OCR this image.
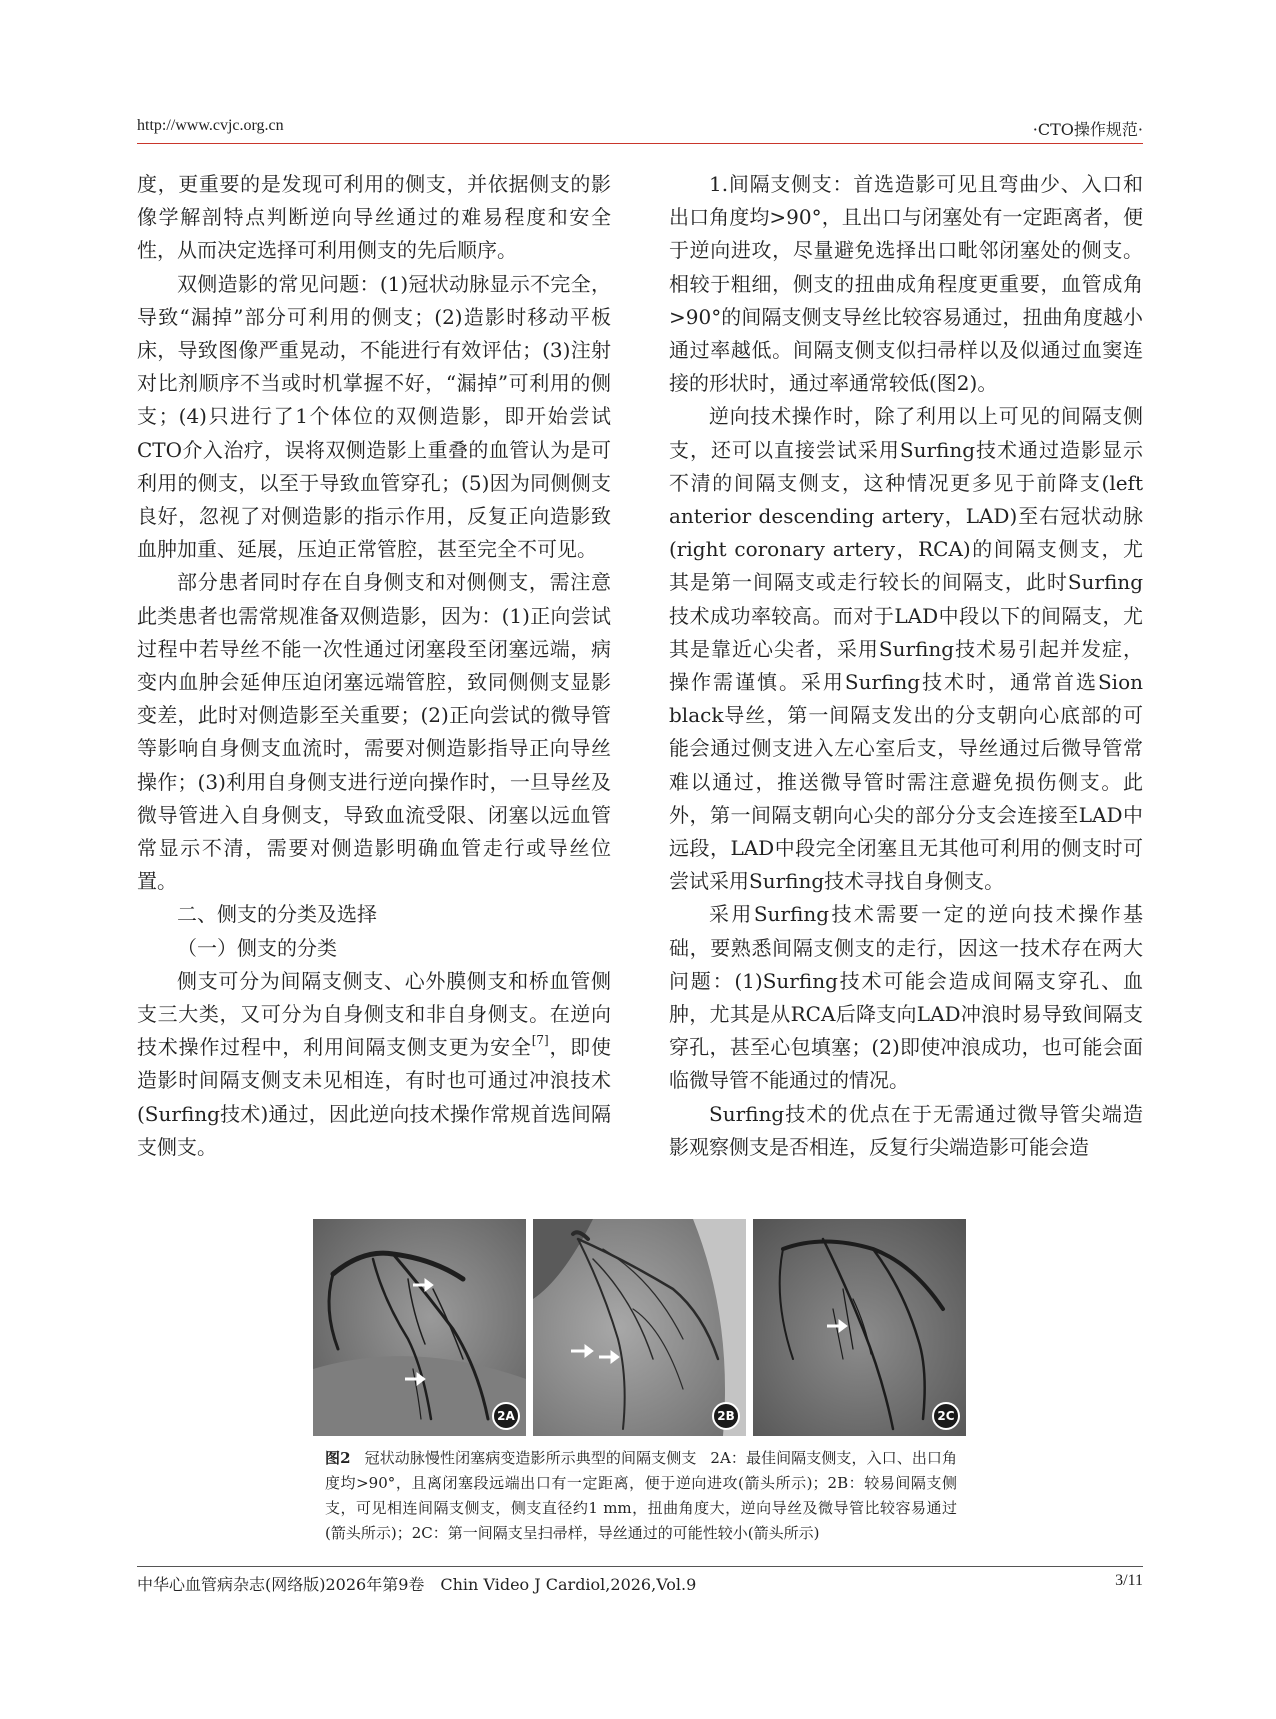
http://www.cvjc.org.cn	·CTO操作规范·

度，更重要的是发现可利用的侧支，并依据侧支的影像学解剖特点判断逆向导丝通过的难易程度和安全性，从而决定选择可利用侧支的先后顺序。

双侧造影的常见问题：(1)冠状动脉显示不完全，导致“漏掉”部分可利用的侧支；(2)造影时移动平板床，导致图像严重晃动，不能进行有效评估；(3)注射对比剂顺序不当或时机掌握不好，“漏掉”可利用的侧支；(4)只进行了1个体位的双侧造影，即开始尝试CTO介入治疗，误将双侧造影上重叠的血管认为是可利用的侧支，以至于导致血管穿孔；(5)因为同侧侧支良好，忽视了对侧造影的指示作用，反复正向造影致血肿加重、延展，压迫正常管腔，甚至完全不可见。

部分患者同时存在自身侧支和对侧侧支，需注意此类患者也需常规准备双侧造影，因为：(1)正向尝试过程中若导丝不能一次性通过闭塞段至闭塞远端，病变内血肿会延伸压迫闭塞远端管腔，致同侧侧支显影变差，此时对侧造影至关重要；(2)正向尝试的微导管等影响自身侧支血流时，需要对侧造影指导正向导丝操作；(3)利用自身侧支进行逆向操作时，一旦导丝及微导管进入自身侧支，导致血流受限、闭塞以远血管常显示不清，需要对侧造影明确血管走行或导丝位置。

二、侧支的分类及选择

（一）侧支的分类

侧支可分为间隔支侧支、心外膜侧支和桥血管侧支三大类，又可分为自身侧支和非自身侧支。在逆向技术操作过程中，利用间隔支侧支更为安全[7]，即使造影时间隔支侧支未见相连，有时也可通过冲浪技术(Surfing技术)通过，因此逆向技术操作常规首选间隔支侧支。

1.间隔支侧支：首选造影可见且弯曲少、入口和出口角度均>90°，且出口与闭塞处有一定距离者，便于逆向进攻，尽量避免选择出口毗邻闭塞处的侧支。相较于粗细，侧支的扭曲成角程度更重要，血管成角>90°的间隔支侧支导丝比较容易通过，扭曲角度越小通过率越低。间隔支侧支似扫帚样以及似通过血窦连接的形状时，通过率通常较低(图2)。

逆向技术操作时，除了利用以上可见的间隔支侧支，还可以直接尝试采用Surfing技术通过造影显示不清的间隔支侧支，这种情况更多见于前降支(left anterior descending artery，LAD)至右冠状动脉(right coronary artery，RCA)的间隔支侧支，尤其是第一间隔支或走行较长的间隔支，此时Surfing技术成功率较高。而对于LAD中段以下的间隔支，尤其是靠近心尖者，采用Surfing技术易引起并发症，操作需谨慎。采用Surfing技术时，通常首选Sion black导丝，第一间隔支发出的分支朝向心底部的可能会通过侧支进入左心室后支，导丝通过后微导管常难以通过，推送微导管时需注意避免损伤侧支。此外，第一间隔支朝向心尖的部分分支会连接至LAD中远段，LAD中段完全闭塞且无其他可利用的侧支时可尝试采用Surfing技术寻找自身侧支。

采用Surfing技术需要一定的逆向技术操作基础，要熟悉间隔支侧支的走行，因这一技术存在两大问题：(1)Surfing技术可能会造成间隔支穿孔、血肿，尤其是从RCA后降支向LAD冲浪时易导致间隔支穿孔，甚至心包填塞；(2)即使冲浪成功，也可能会面临微导管不能通过的情况。

Surfing技术的优点在于无需通过微导管尖端造影观察侧支是否相连，反复行尖端造影可能会造

2A	2B	2C
图2 冠状动脉慢性闭塞病变造影所示典型的间隔支侧支 2A：最佳间隔支侧支，入口、出口角度均>90°，且离闭塞段远端出口有一定距离，便于逆向进攻(箭头所示)；2B：较易间隔支侧支，可见相连间隔支侧支，侧支直径约1 mm，扭曲角度大，逆向导丝及微导管比较容易通过(箭头所示)；2C：第一间隔支呈扫帚样，导丝通过的可能性较小(箭头所示)
中华心血管病杂志(网络版)2026年第9卷　Chin Video J Cardiol,2026,Vol.9	3/11
